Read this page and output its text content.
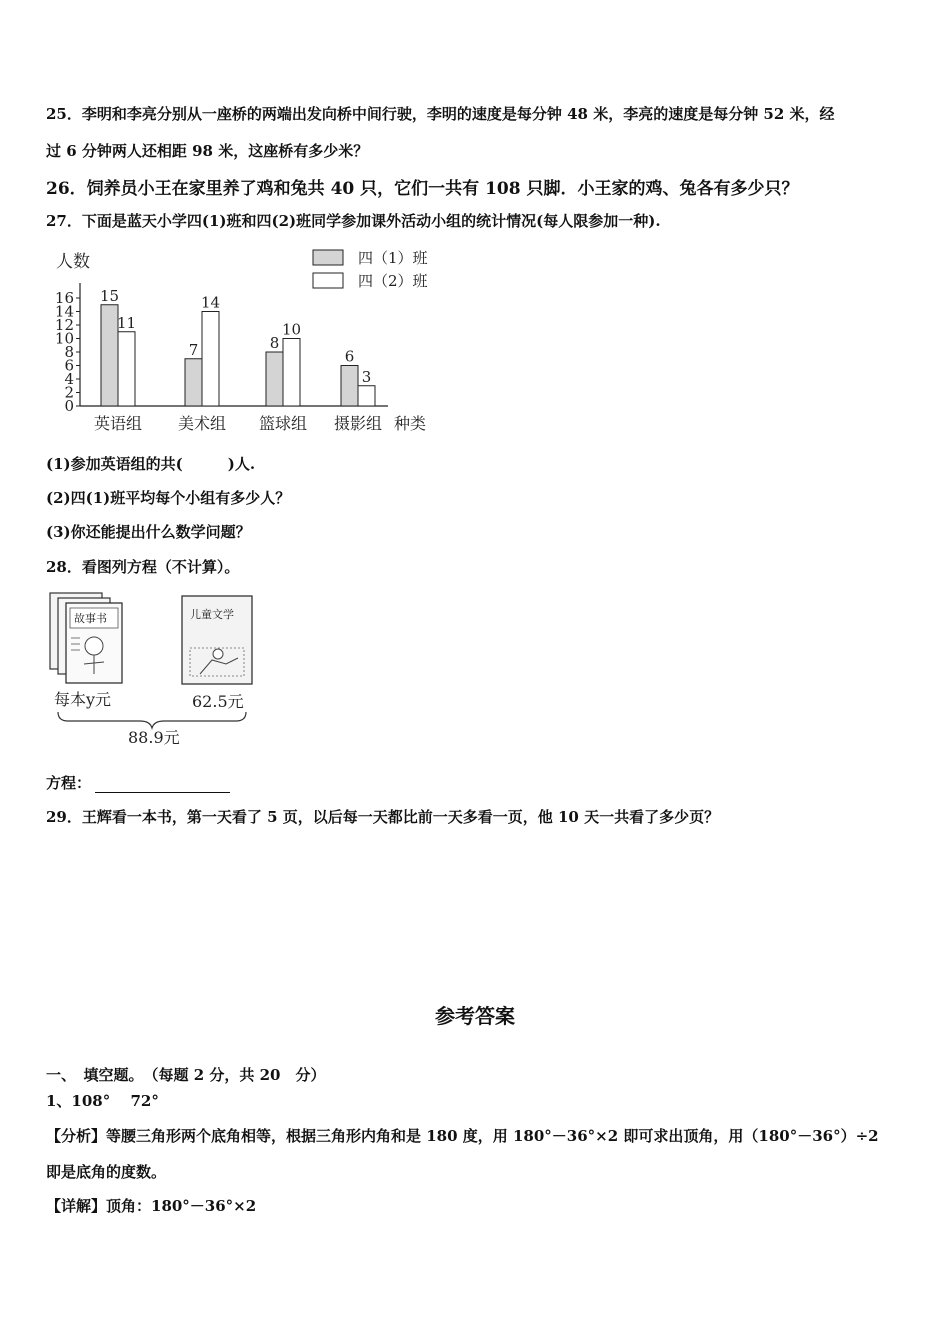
25．李明和李亮分别从一座桥的两端出发向桥中间行驶，李明的速度是每分钟 48 米，李亮的速度是每分钟 52 米，经
过 6 分钟两人还相距 98 米，这座桥有多少米？
26．饲养员小王在家里养了鸡和兔共 40 只，它们一共有 108 只脚．小王家的鸡、兔各有多少只？
27．下面是蓝天小学四(1)班和四(2)班同学参加课外活动小组的统计情况(每人限参加一种).
人数
0
2
4
6
8
10
12
14
16 15
11
7
14
8
10
6
3
英语组 美术组 篮球组 摄影组 种类
四（1）班
四（2）班
(1)参加英语组的共(　　　)人.
(2)四(1)班平均每个小组有多少人？
(3)你还能提出什么数学问题？
28．看图列方程（不计算）。
故事书	儿童文学
每本y元	62.5元
88.9元
方程：
29．王辉看一本书，第一天看了 5 页，以后每一天都比前一天多看一页，他 10 天一共看了多少页？
参考答案
一、　填空题。　（每题 2 分，共 20　分）
1、108°　 72°
【分析】等腰三角形两个底角相等，根据三角形内角和是 180 度，用 180°－36°×2 即可求出顶角，用（180°－36°）÷2
即是底角的度数。
【详解】顶角：180°－36°×2
